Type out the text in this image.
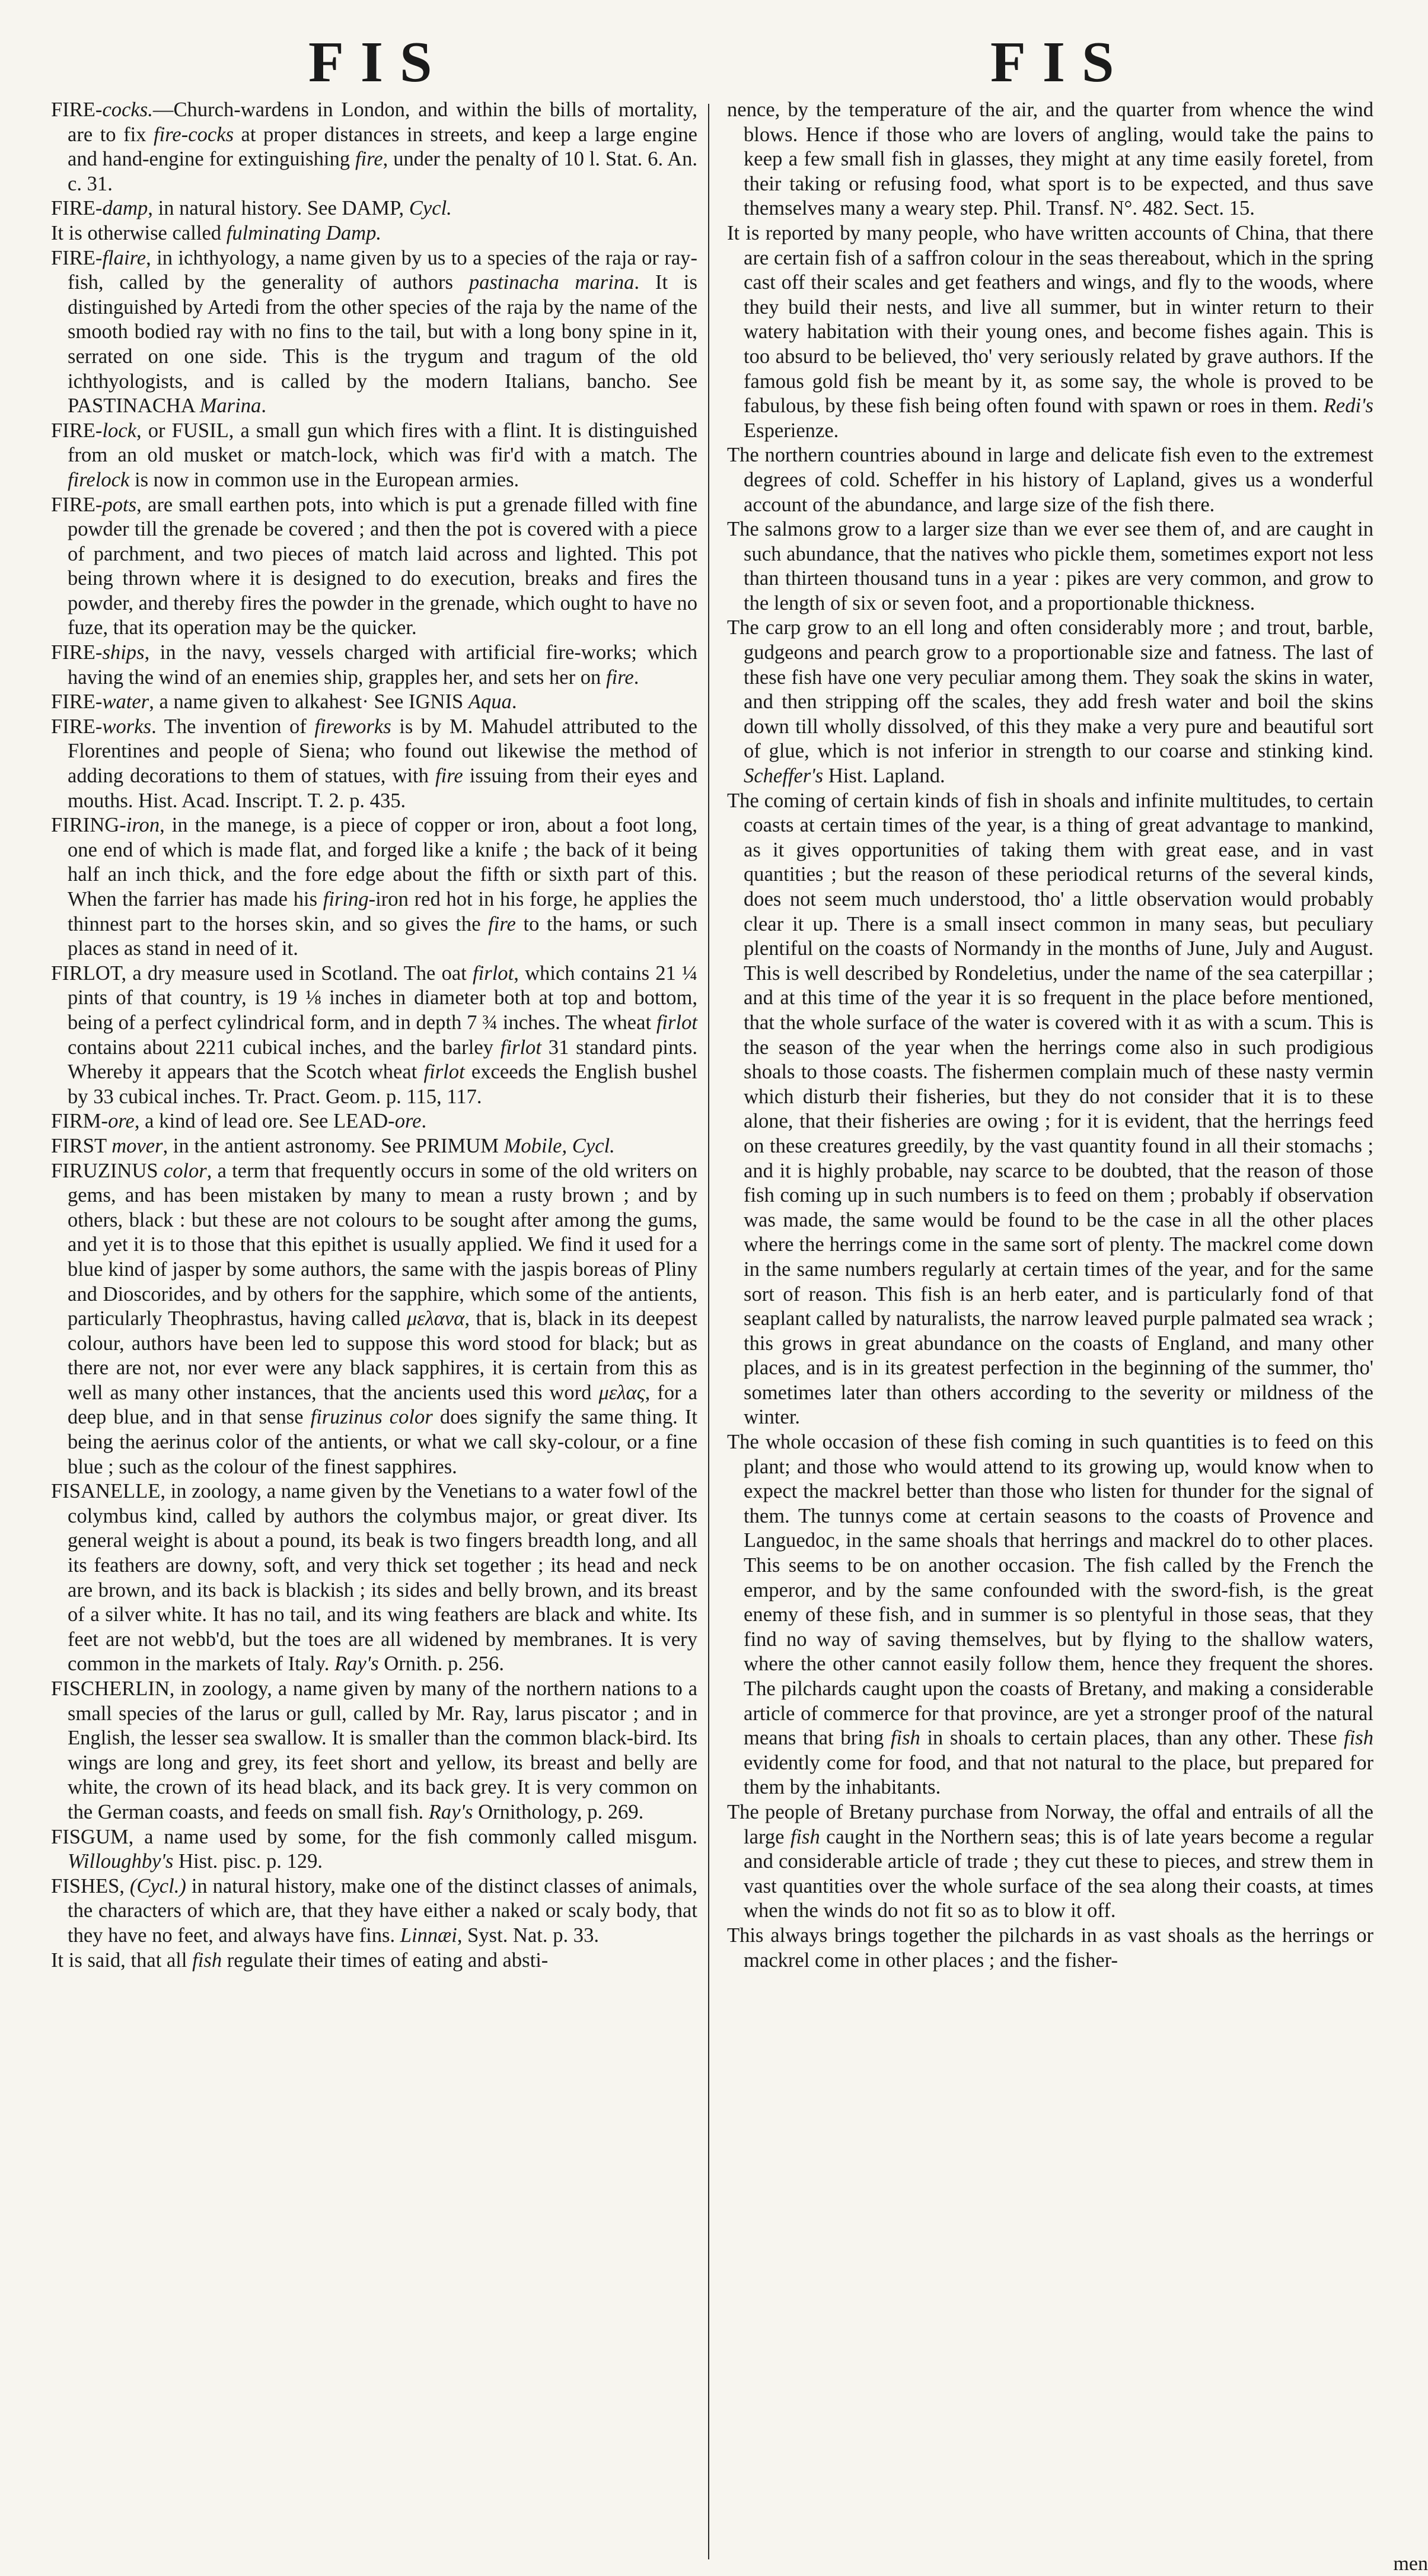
FIS	FIS

FIRE-cocks.—Church-wardens in London, and within the bills of mortality, are to fix fire-cocks at proper distances in streets, and keep a large engine and hand-engine for extinguishing fire, under the penalty of 10 l. Stat. 6. An. c. 31.

FIRE-damp, in natural history. See DAMP, Cycl.

It is otherwise called fulminating Damp.

FIRE-flaire, in ichthyology, a name given by us to a species of the raja or ray-fish, called by the generality of authors pastinacha marina. It is distinguished by Artedi from the other species of the raja by the name of the smooth bodied ray with no fins to the tail, but with a long bony spine in it, serrated on one side. This is the trygum and tragum of the old ichthyologists, and is called by the modern Italians, bancho. See PASTINACHA Marina.

FIRE-lock, or FUSIL, a small gun which fires with a flint. It is distinguished from an old musket or match-lock, which was fir'd with a match. The firelock is now in common use in the European armies.

FIRE-pots, are small earthen pots, into which is put a grenade filled with fine powder till the grenade be covered ; and then the pot is covered with a piece of parchment, and two pieces of match laid across and lighted. This pot being thrown where it is designed to do execution, breaks and fires the powder, and thereby fires the powder in the grenade, which ought to have no fuze, that its operation may be the quicker.

FIRE-ships, in the navy, vessels charged with artificial fire-works; which having the wind of an enemies ship, grapples her, and sets her on fire.

FIRE-water, a name given to alkahest· See IGNIS Aqua.

FIRE-works. The invention of fireworks is by M. Mahudel attributed to the Florentines and people of Siena; who found out likewise the method of adding decorations to them of statues, with fire issuing from their eyes and mouths. Hist. Acad. Inscript. T. 2. p. 435.

FIRING-iron, in the manege, is a piece of copper or iron, about a foot long, one end of which is made flat, and forged like a knife ; the back of it being half an inch thick, and the fore edge about the fifth or sixth part of this. When the farrier has made his firing-iron red hot in his forge, he applies the thinnest part to the horses skin, and so gives the fire to the hams, or such places as stand in need of it.

FIRLOT, a dry measure used in Scotland. The oat firlot, which contains 21 ¼ pints of that country, is 19 ⅛ inches in diameter both at top and bottom, being of a perfect cylindrical form, and in depth 7 ¾ inches. The wheat firlot contains about 2211 cubical inches, and the barley firlot 31 standard pints. Whereby it appears that the Scotch wheat firlot exceeds the English bushel by 33 cubical inches. Tr. Pract. Geom. p. 115, 117.

FIRM-ore, a kind of lead ore. See LEAD-ore.

FIRST mover, in the antient astronomy. See PRIMUM Mobile, Cycl.

FIRUZINUS color, a term that frequently occurs in some of the old writers on gems, and has been mistaken by many to mean a rusty brown ; and by others, black : but these are not colours to be sought after among the gums, and yet it is to those that this epithet is usually applied. We find it used for a blue kind of jasper by some authors, the same with the jaspis boreas of Pliny and Dioscorides, and by others for the sapphire, which some of the antients, particularly Theophrastus, having called μελανα, that is, black in its deepest colour, authors have been led to suppose this word stood for black; but as there are not, nor ever were any black sapphires, it is certain from this as well as many other instances, that the ancients used this word μελας, for a deep blue, and in that sense firuzinus color does signify the same thing. It being the aerinus color of the antients, or what we call sky-colour, or a fine blue ; such as the colour of the finest sapphires.

FISANELLE, in zoology, a name given by the Venetians to a water fowl of the colymbus kind, called by authors the colymbus major, or great diver. Its general weight is about a pound, its beak is two fingers breadth long, and all its feathers are downy, soft, and very thick set together ; its head and neck are brown, and its back is blackish ; its sides and belly brown, and its breast of a silver white. It has no tail, and its wing feathers are black and white. Its feet are not webb'd, but the toes are all widened by membranes. It is very common in the markets of Italy. Ray's Ornith. p. 256.

FISCHERLIN, in zoology, a name given by many of the northern nations to a small species of the larus or gull, called by Mr. Ray, larus piscator ; and in English, the lesser sea swallow. It is smaller than the common black-bird. Its wings are long and grey, its feet short and yellow, its breast and belly are white, the crown of its head black, and its back grey. It is very common on the German coasts, and feeds on small fish. Ray's Ornithology, p. 269.

FISGUM, a name used by some, for the fish commonly called misgum. Willoughby's Hist. pisc. p. 129.

FISHES, (Cycl.) in natural history, make one of the distinct classes of animals, the characters of which are, that they have either a naked or scaly body, that they have no feet, and always have fins. Linnæi, Syst. Nat. p. 33.

It is said, that all fish regulate their times of eating and absti-

nence, by the temperature of the air, and the quarter from whence the wind blows. Hence if those who are lovers of angling, would take the pains to keep a few small fish in glasses, they might at any time easily foretel, from their taking or refusing food, what sport is to be expected, and thus save themselves many a weary step. Phil. Transf. N°. 482. Sect. 15.

It is reported by many people, who have written accounts of China, that there are certain fish of a saffron colour in the seas thereabout, which in the spring cast off their scales and get feathers and wings, and fly to the woods, where they build their nests, and live all summer, but in winter return to their watery habitation with their young ones, and become fishes again. This is too absurd to be believed, tho' very seriously related by grave authors. If the famous gold fish be meant by it, as some say, the whole is proved to be fabulous, by these fish being often found with spawn or roes in them. Redi's Esperienze.

The northern countries abound in large and delicate fish even to the extremest degrees of cold. Scheffer in his history of Lapland, gives us a wonderful account of the abundance, and large size of the fish there.

The salmons grow to a larger size than we ever see them of, and are caught in such abundance, that the natives who pickle them, sometimes export not less than thirteen thousand tuns in a year : pikes are very common, and grow to the length of six or seven foot, and a proportionable thickness.

The carp grow to an ell long and often considerably more ; and trout, barble, gudgeons and pearch grow to a proportionable size and fatness. The last of these fish have one very peculiar among them. They soak the skins in water, and then stripping off the scales, they add fresh water and boil the skins down till wholly dissolved, of this they make a very pure and beautiful sort of glue, which is not inferior in strength to our coarse and stinking kind. Scheffer's Hist. Lapland.

The coming of certain kinds of fish in shoals and infinite multitudes, to certain coasts at certain times of the year, is a thing of great advantage to mankind, as it gives opportunities of taking them with great ease, and in vast quantities ; but the reason of these periodical returns of the several kinds, does not seem much understood, tho' a little observation would probably clear it up. There is a small insect common in many seas, but peculiary plentiful on the coasts of Normandy in the months of June, July and August. This is well described by Rondeletius, under the name of the sea caterpillar ; and at this time of the year it is so frequent in the place before mentioned, that the whole surface of the water is covered with it as with a scum. This is the season of the year when the herrings come also in such prodigious shoals to those coasts. The fishermen complain much of these nasty vermin which disturb their fisheries, but they do not consider that it is to these alone, that their fisheries are owing ; for it is evident, that the herrings feed on these creatures greedily, by the vast quantity found in all their stomachs ; and it is highly probable, nay scarce to be doubted, that the reason of those fish coming up in such numbers is to feed on them ; probably if observation was made, the same would be found to be the case in all the other places where the herrings come in the same sort of plenty. The mackrel come down in the same numbers regularly at certain times of the year, and for the same sort of reason. This fish is an herb eater, and is particularly fond of that seaplant called by naturalists, the narrow leaved purple palmated sea wrack ; this grows in great abundance on the coasts of England, and many other places, and is in its greatest perfection in the beginning of the summer, tho' sometimes later than others according to the severity or mildness of the winter.

The whole occasion of these fish coming in such quantities is to feed on this plant; and those who would attend to its growing up, would know when to expect the mackrel better than those who listen for thunder for the signal of them. The tunnys come at certain seasons to the coasts of Provence and Languedoc, in the same shoals that herrings and mackrel do to other places. This seems to be on another occasion. The fish called by the French the emperor, and by the same confounded with the sword-fish, is the great enemy of these fish, and in summer is so plentyful in those seas, that they find no way of saving themselves, but by flying to the shallow waters, where the other cannot easily follow them, hence they frequent the shores. The pilchards caught upon the coasts of Bretany, and making a considerable article of commerce for that province, are yet a stronger proof of the natural means that bring fish in shoals to certain places, than any other. These fish evidently come for food, and that not natural to the place, but prepared for them by the inhabitants.

The people of Bretany purchase from Norway, the offal and entrails of all the large fish caught in the Northern seas; this is of late years become a regular and considerable article of trade ; they cut these to pieces, and strew them in vast quantities over the whole surface of the sea along their coasts, at times when the winds do not fit so as to blow it off.

This always brings together the pilchards in as vast shoals as the herrings or mackrel come in other places ; and the fisher-

men
